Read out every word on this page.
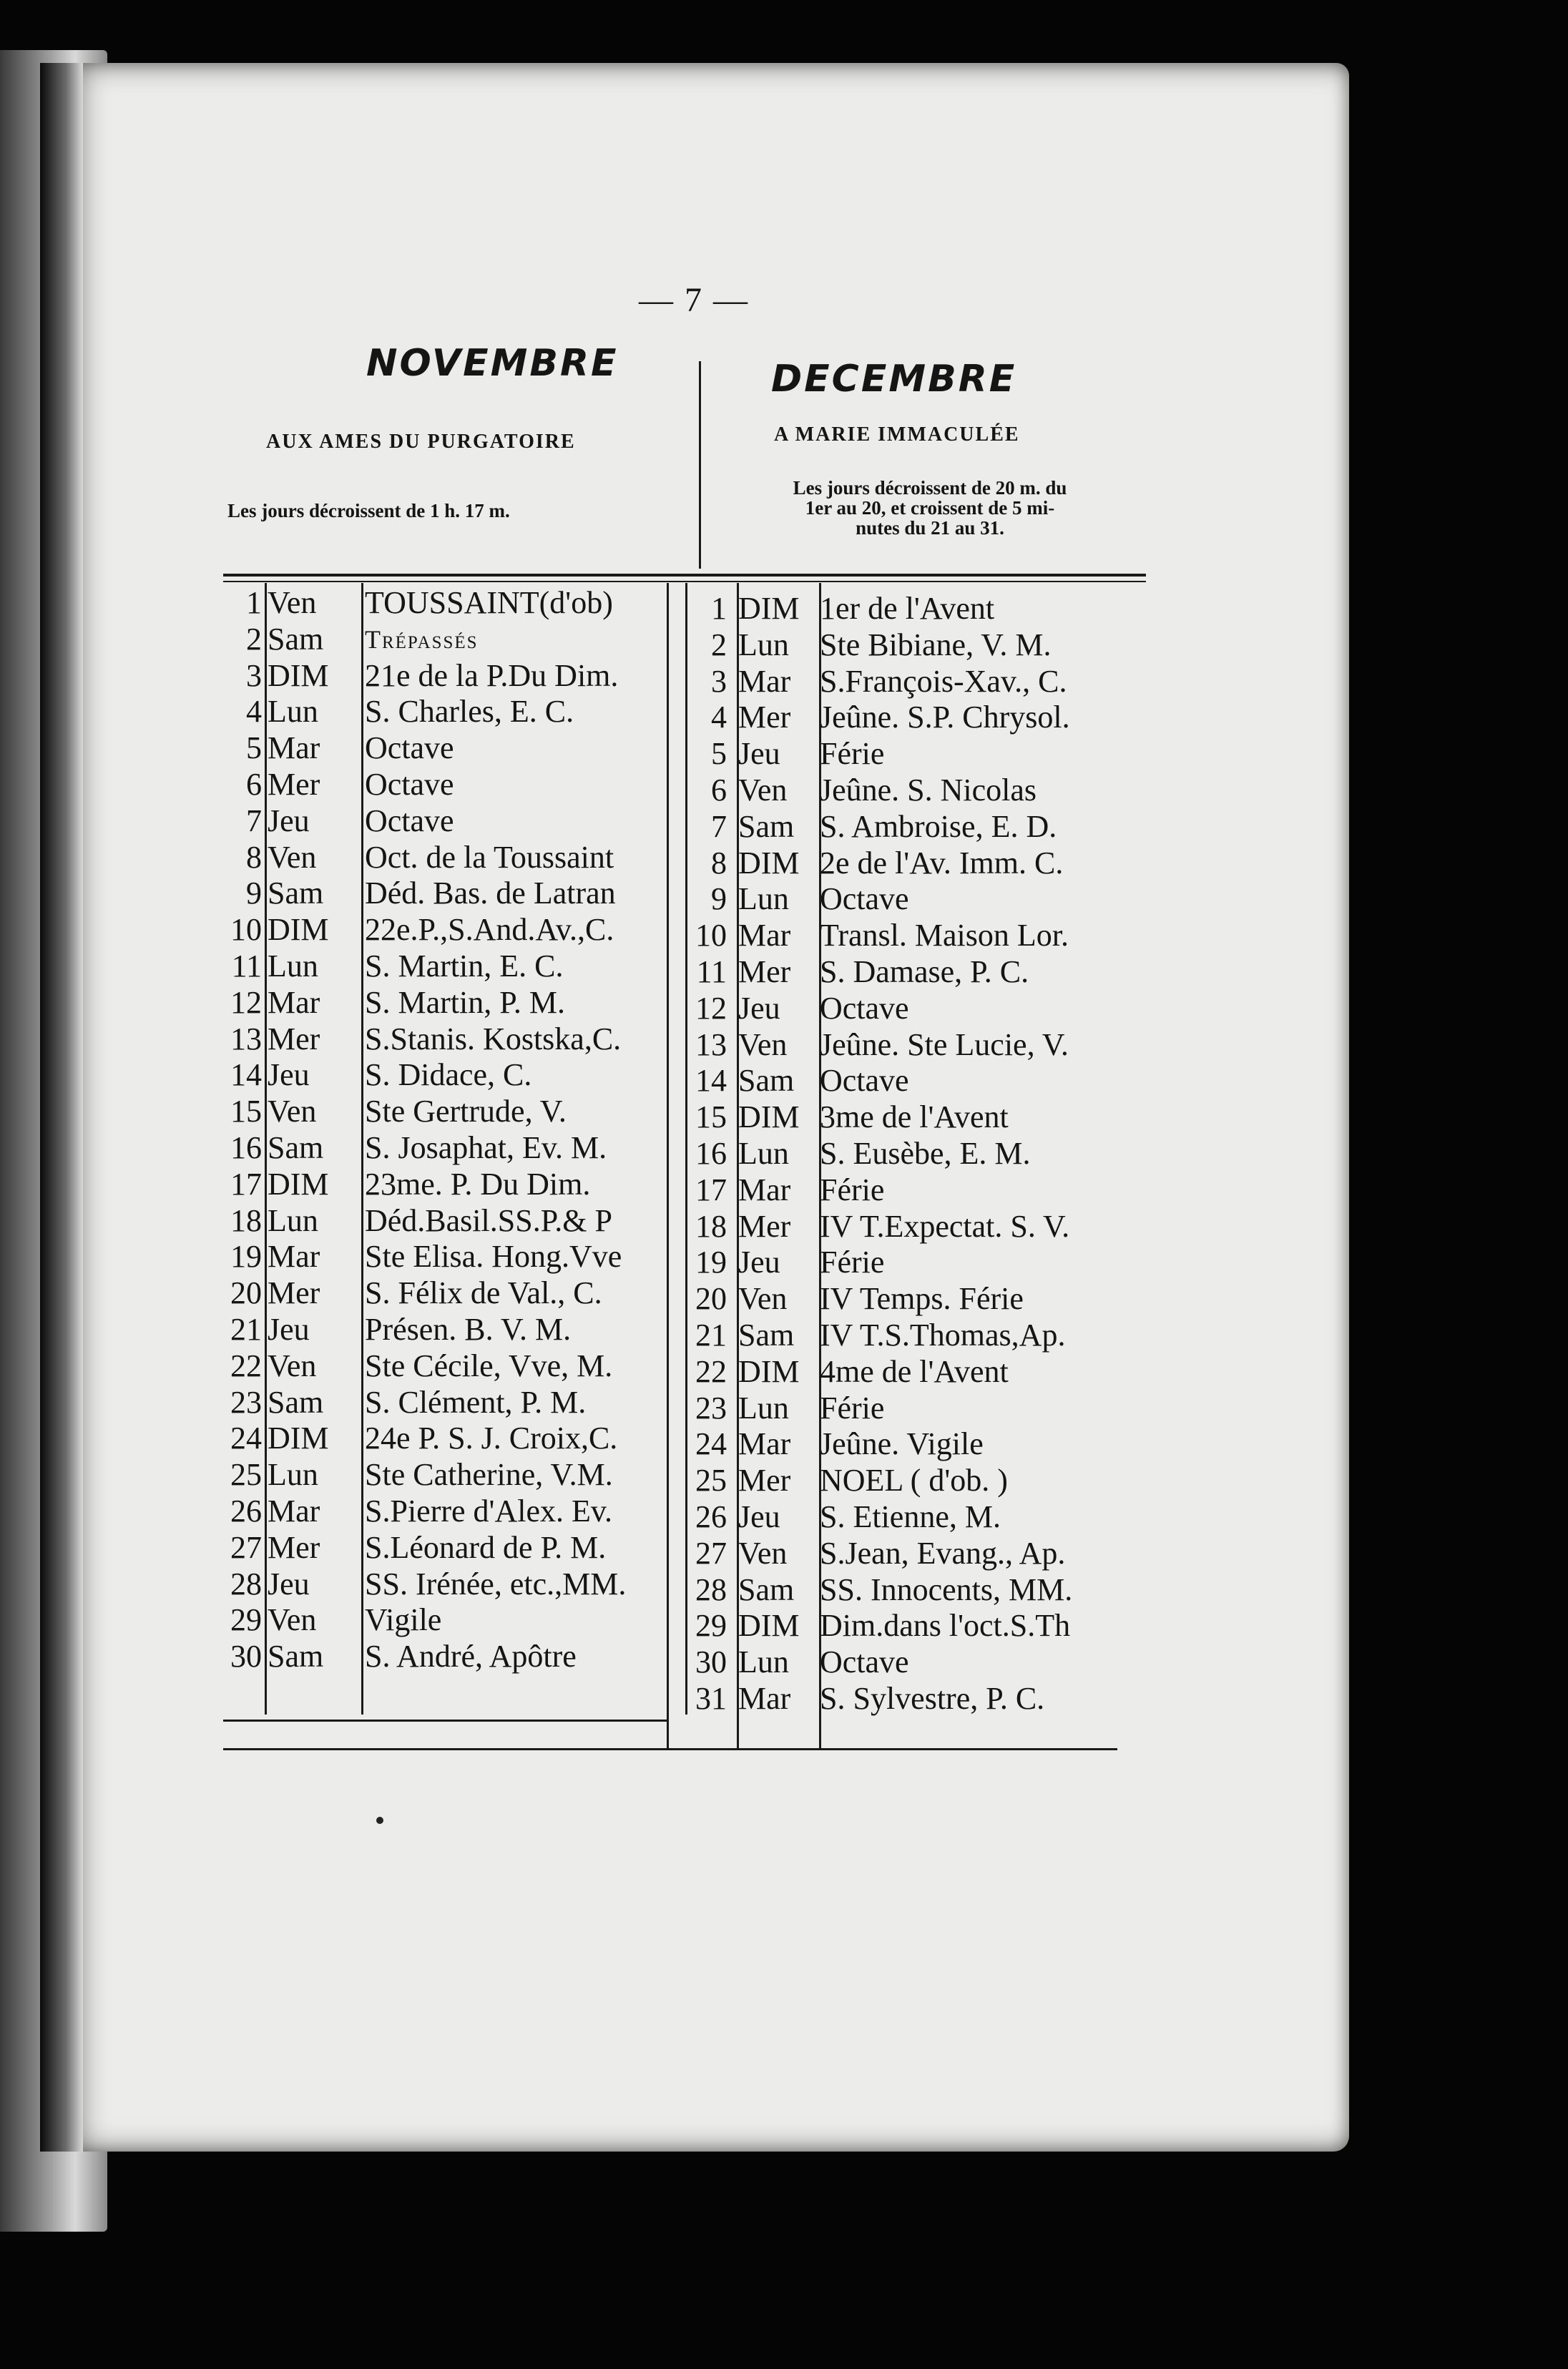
— 7 —
NOVEMBRE	DECEMBRE
AUX AMES DU PURGATOIRE	A MARIE IMMACULÉE
Les jours décroissent de 1 h. 17 m.
Les jours décroissent de 20 m. du
1er au 20, et croissent de 5 mi-
nutes du 21 au 31.
1 Ven TOUSSAINT(d'ob)
2 Sam Trépassés
3 DIM 21e de la P.Du Dim.
4 Lun S. Charles, E. C.
5 Mar Octave
6 Mer Octave
7 Jeu Octave
8 Ven Oct. de la Toussaint
9 Sam Déd. Bas. de Latran
10 DIM 22e.P.,S.And.Av.,C.
11 Lun S. Martin, E. C.
12 Mar S. Martin, P. M.
13 Mer S.Stanis. Kostska,C.
14 Jeu S. Didace, C.
15 Ven Ste Gertrude, V.
16 Sam S. Josaphat, Ev. M.
17 DIM 23me. P. Du Dim.
18 Lun Déd.Basil.SS.P.& P
19 Mar Ste Elisa. Hong.Vve
20 Mer S. Félix de Val., C.
21 Jeu Présen. B. V. M.
22 Ven Ste Cécile, Vve, M.
23 Sam S. Clément, P. M.
24 DIM 24e P. S. J. Croix,C.
25 Lun Ste Catherine, V.M.
26 Mar S.Pierre d'Alex. Ev.
27 Mer S.Léonard de P. M.
28 Jeu SS. Irénée, etc.,MM.
29 Ven Vigile
30 Sam S. André, Apôtre
1 DIM 1er de l'Avent
2 Lun Ste Bibiane, V. M.
3 Mar S.François-Xav., C.
4 Mer Jeûne. S.P. Chrysol.
5 Jeu Férie
6 Ven Jeûne. S. Nicolas
7 Sam S. Ambroise, E. D.
8 DIM 2e de l'Av. Imm. C.
9 Lun Octave
10 Mar Transl. Maison Lor.
11 Mer S. Damase, P. C.
12 Jeu Octave
13 Ven Jeûne. Ste Lucie, V.
14 Sam Octave
15 DIM 3me de l'Avent
16 Lun S. Eusèbe, E. M.
17 Mar Férie
18 Mer IV T.Expectat. S. V.
19 Jeu Férie
20 Ven IV Temps. Férie
21 Sam IV T.S.Thomas,Ap.
22 DIM 4me de l'Avent
23 Lun Férie
24 Mar Jeûne. Vigile
25 Mer NOEL ( d'ob. )
26 Jeu S. Etienne, M.
27 Ven S.Jean, Evang., Ap.
28 Sam SS. Innocents, MM.
29 DIM Dim.dans l'oct.S.Th
30 Lun Octave
31 Mar S. Sylvestre, P. C.
